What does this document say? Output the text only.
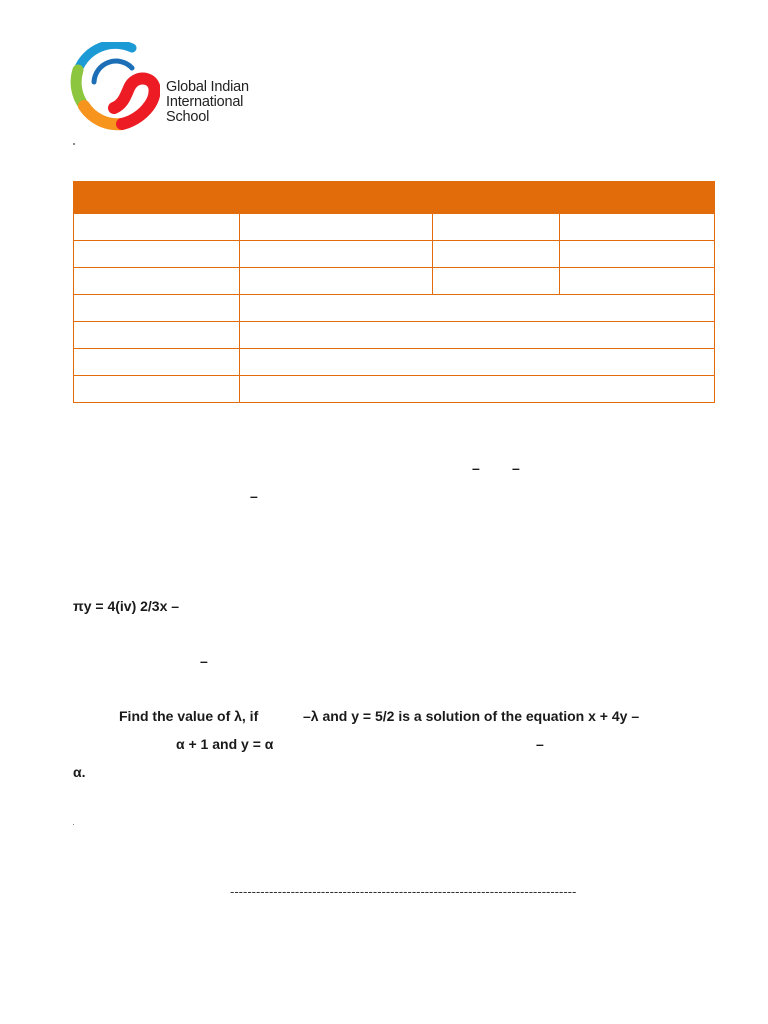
Global Indian
International
School

– –
–
πy = 4(iv) 2/3x –
–
Find the value of λ, if	–λ and y = 5/2 is a solution of the equation x + 4y –
α + 1 and y = α	–
α.
--------------------------------------------------------------------------------
